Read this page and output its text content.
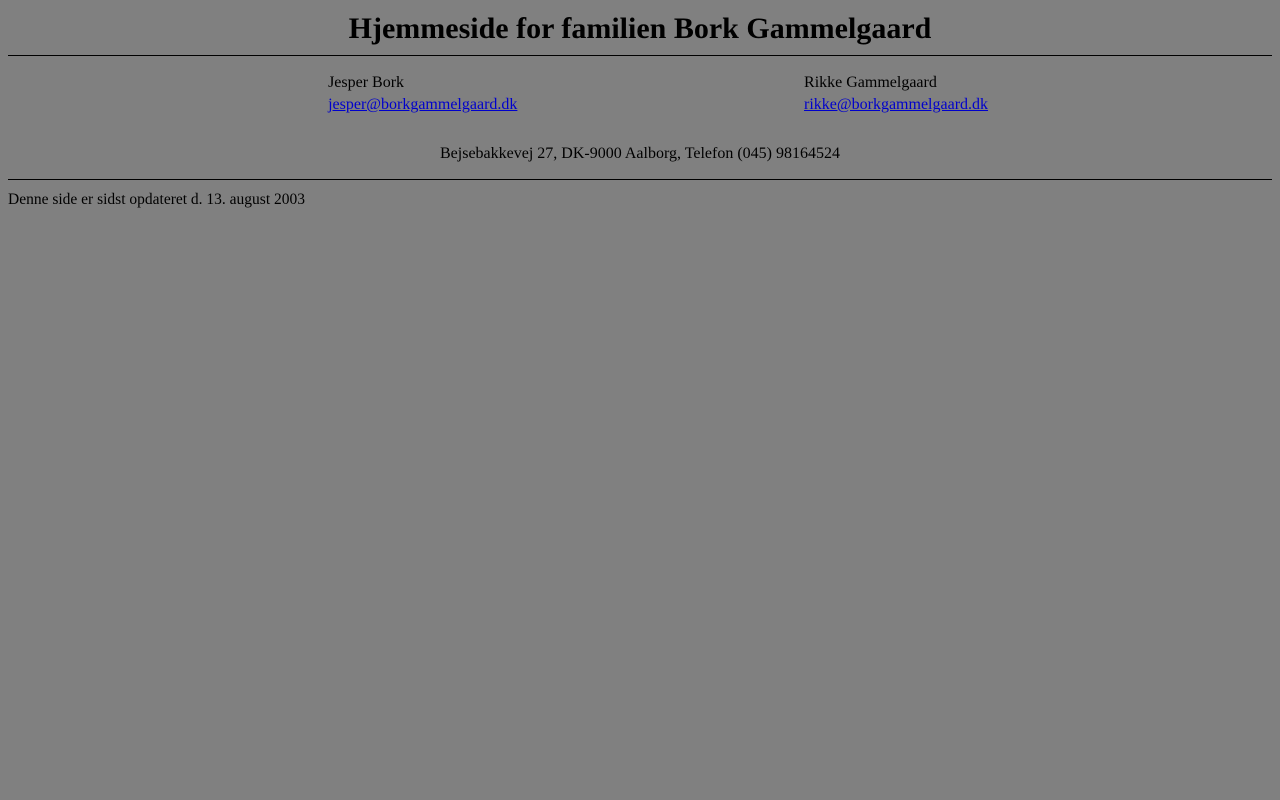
Hjemmeside for familien Bork Gammelgaard

Jesper Bork
jesper@borkgammelgaard.dk

Rikke Gammelgaard
rikke@borkgammelgaard.dk
Bejsebakkevej 27, DK-9000 Aalborg, Telefon (045) 98164524
Denne side er sidst opdateret d. 13. august 2003
